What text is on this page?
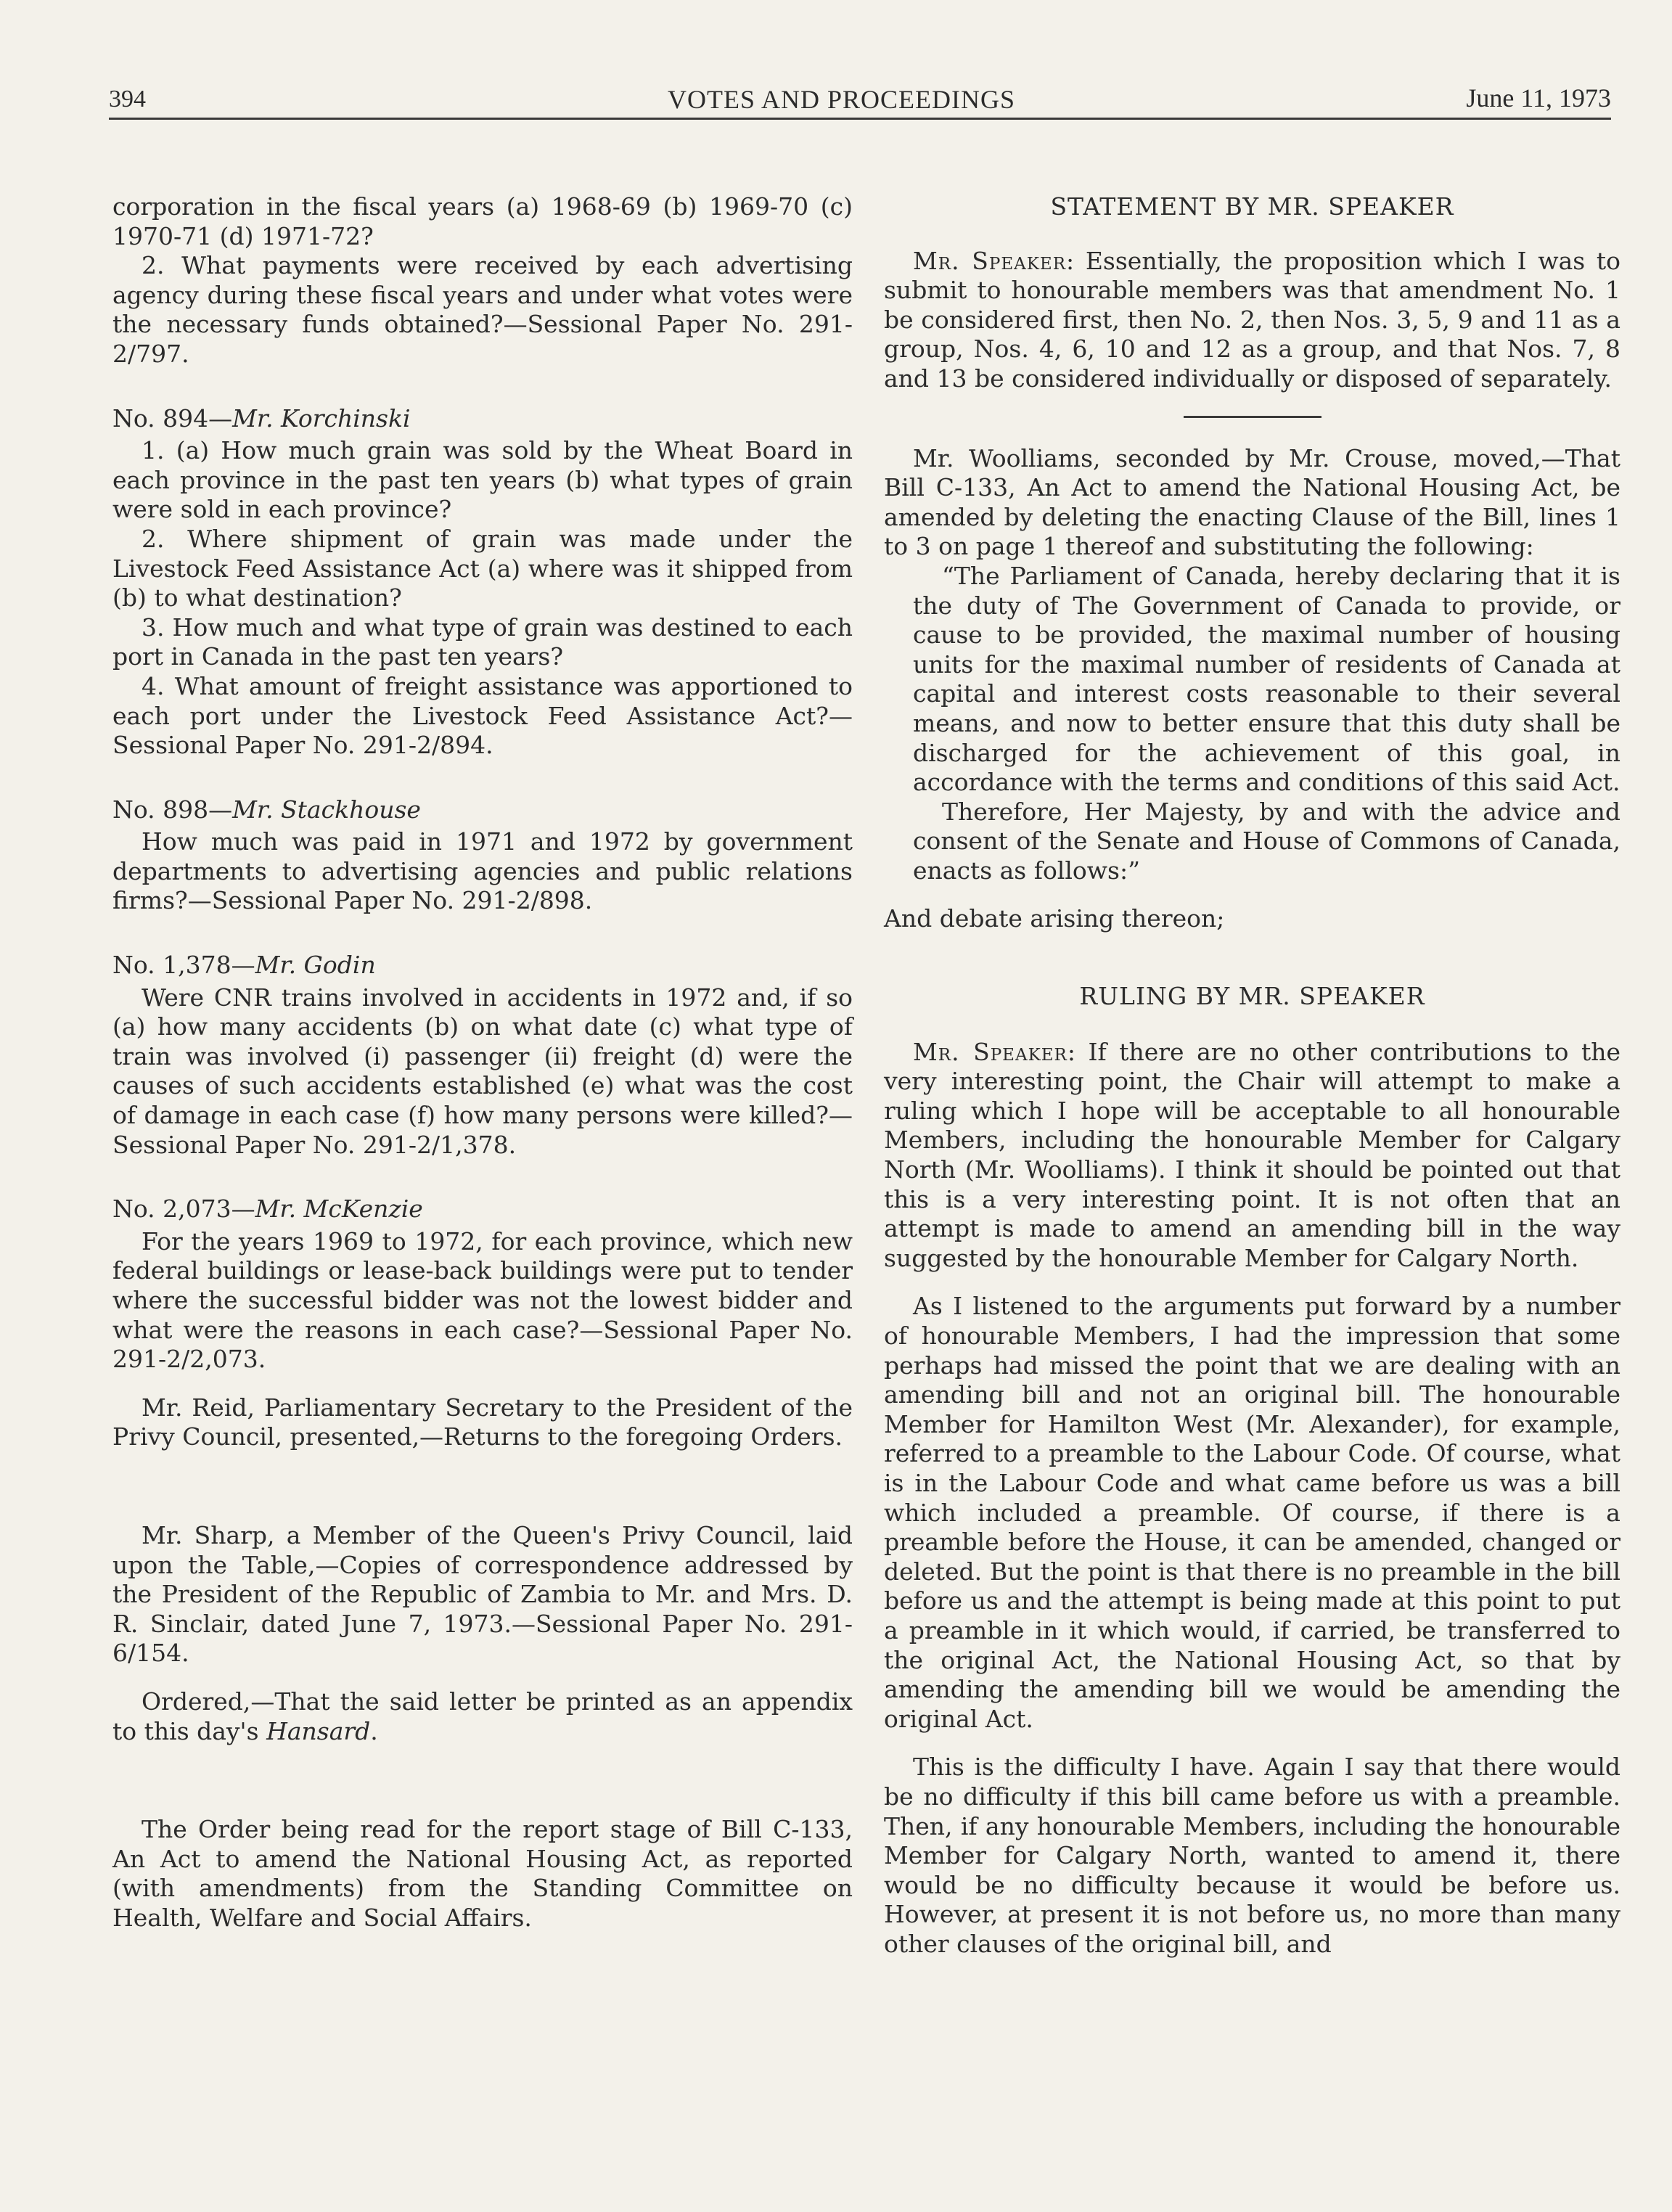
394	VOTES AND PROCEEDINGS	June 11, 1973

corporation in the fiscal years (a) 1968-69 (b) 1969-70 (c) 1970-71 (d) 1971-72?

2. What payments were received by each advertising agency during these fiscal years and under what votes were the necessary funds obtained?—Sessional Paper No. 291-2/797.

No. 894—Mr. Korchinski

1. (a) How much grain was sold by the Wheat Board in each province in the past ten years (b) what types of grain were sold in each province?

2. Where shipment of grain was made under the Livestock Feed Assistance Act (a) where was it shipped from (b) to what destination?

3. How much and what type of grain was destined to each port in Canada in the past ten years?

4. What amount of freight assistance was apportioned to each port under the Livestock Feed Assistance Act?—Sessional Paper No. 291-2/894.

No. 898—Mr. Stackhouse

How much was paid in 1971 and 1972 by government departments to advertising agencies and public relations firms?—Sessional Paper No. 291-2/898.

No. 1,378—Mr. Godin

Were CNR trains involved in accidents in 1972 and, if so (a) how many accidents (b) on what date (c) what type of train was involved (i) passenger (ii) freight (d) were the causes of such accidents established (e) what was the cost of damage in each case (f) how many persons were killed?—Sessional Paper No. 291-2/1,378.

No. 2,073—Mr. McKenzie

For the years 1969 to 1972, for each province, which new federal buildings or lease-back buildings were put to tender where the successful bidder was not the lowest bidder and what were the reasons in each case?—Sessional Paper No. 291-2/2,073.

Mr. Reid, Parliamentary Secretary to the President of the Privy Council, presented,—Returns to the foregoing Orders.

Mr. Sharp, a Member of the Queen's Privy Council, laid upon the Table,—Copies of correspondence addressed by the President of the Republic of Zambia to Mr. and Mrs. D. R. Sinclair, dated June 7, 1973.—Sessional Paper No. 291-6/154.

Ordered,—That the said letter be printed as an appendix to this day's Hansard.

The Order being read for the report stage of Bill C-133, An Act to amend the National Housing Act, as reported (with amendments) from the Standing Committee on Health, Welfare and Social Affairs.

STATEMENT BY MR. SPEAKER

Mr. Speaker: Essentially, the proposition which I was to submit to honourable members was that amendment No. 1 be considered first, then No. 2, then Nos. 3, 5, 9 and 11 as a group, Nos. 4, 6, 10 and 12 as a group, and that Nos. 7, 8 and 13 be considered individually or disposed of separately.

Mr. Woolliams, seconded by Mr. Crouse, moved,—That Bill C-133, An Act to amend the National Housing Act, be amended by deleting the enacting Clause of the Bill, lines 1 to 3 on page 1 thereof and substituting the following:

“The Parliament of Canada, hereby declaring that it is the duty of The Government of Canada to provide, or cause to be provided, the maximal number of housing units for the maximal number of residents of Canada at capital and interest costs reasonable to their several means, and now to better ensure that this duty shall be discharged for the achievement of this goal, in accordance with the terms and conditions of this said Act.

Therefore, Her Majesty, by and with the advice and consent of the Senate and House of Commons of Canada, enacts as follows:”

And debate arising thereon;

RULING BY MR. SPEAKER

Mr. Speaker: If there are no other contributions to the very interesting point, the Chair will attempt to make a ruling which I hope will be acceptable to all honourable Members, including the honourable Member for Calgary North (Mr. Woolliams). I think it should be pointed out that this is a very interesting point. It is not often that an attempt is made to amend an amending bill in the way suggested by the honourable Member for Calgary North.

As I listened to the arguments put forward by a number of honourable Members, I had the impression that some perhaps had missed the point that we are dealing with an amending bill and not an original bill. The honourable Member for Hamilton West (Mr. Alexander), for example, referred to a preamble to the Labour Code. Of course, what is in the Labour Code and what came before us was a bill which included a preamble. Of course, if there is a preamble before the House, it can be amended, changed or deleted. But the point is that there is no preamble in the bill before us and the attempt is being made at this point to put a preamble in it which would, if carried, be transferred to the original Act, the National Housing Act, so that by amending the amending bill we would be amending the original Act.

This is the difficulty I have. Again I say that there would be no difficulty if this bill came before us with a preamble. Then, if any honourable Members, including the honourable Member for Calgary North, wanted to amend it, there would be no difficulty because it would be before us. However, at present it is not before us, no more than many other clauses of the original bill, and
